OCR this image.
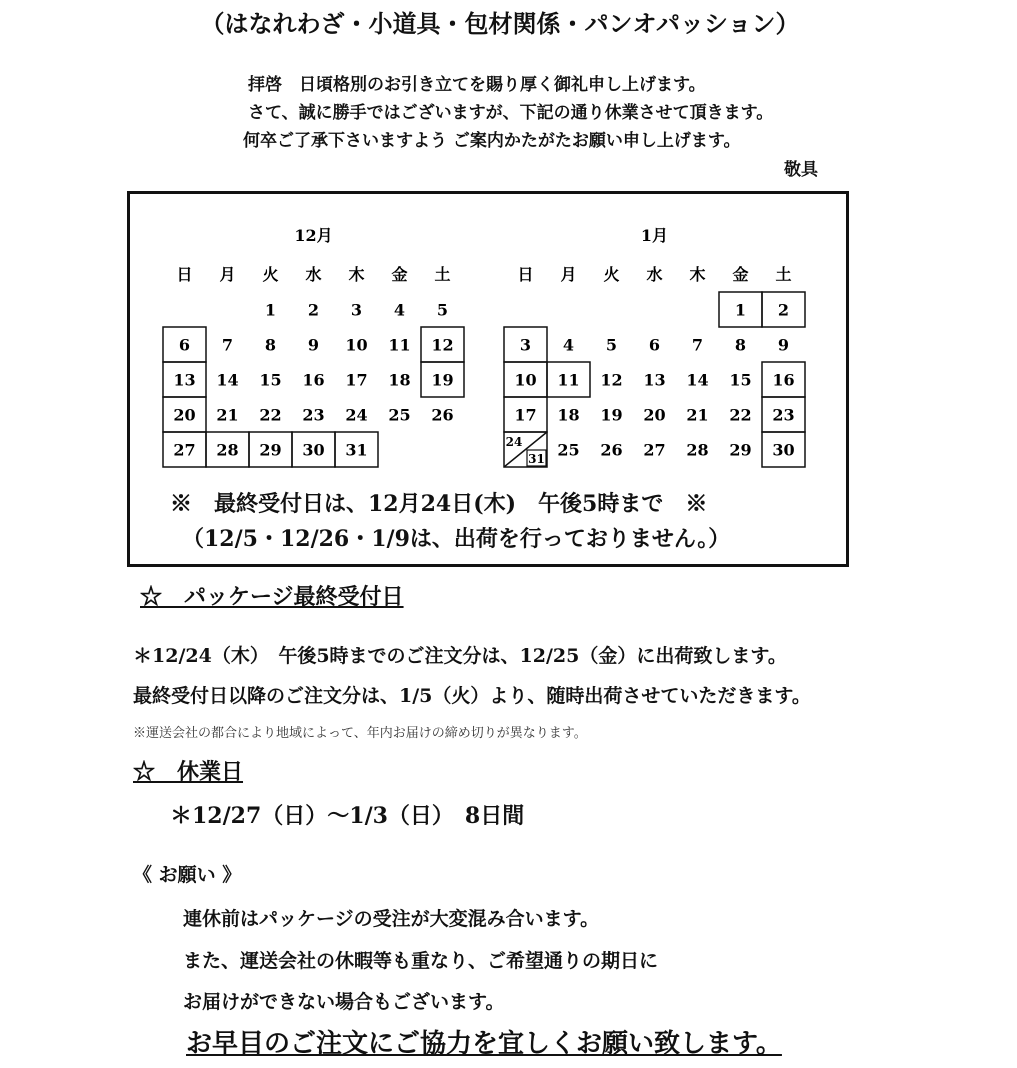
（はなれわざ・小道具・包材関係・パンオパッション）
拝啓　日頃格別のお引き立てを賜り厚く御礼申し上げます。
さて、誠に勝手ではございますが、下記の通り休業させて頂きます。
何卒ご了承下さいますよう ご案内かたがたお願い申し上げます。
敬具
12月
日 月 火 水 木 金 土
1 2 3 4 5
6 7 8 9 10 11 12
13 14 15 16 17 18 19
20 21 22 23 24 25 26
27 28 29 30 31
1月
日 月 火 水 木 金 土
1 2
3 4 5 6 7 8 9
10 11 12 13 14 15 16
17 18 19 20 21 22 23
24
31 25 26 27 28 29 30
※　最終受付日は、12月24日(木)　午後5時まで　※
（12/5・12/26・1/9は、出荷を行っておりません。）
☆　パッケージ最終受付日
＊12/24（木）　午後5時までのご注文分は、12/25（金）に出荷致します。
最終受付日以降のご注文分は、1/5（火）より、随時出荷させていただきます。
※運送会社の都合により地域によって、年内お届けの締め切りが異なります。
☆　休業日
＊12/27（日）～1/3（日）　8日間
《 お願い 》
連休前はパッケージの受注が大変混み合います。
また、運送会社の休暇等も重なり、ご希望通りの期日に
お届けができない場合もございます。
お早目のご注文にご協力を宜しくお願い致します。
